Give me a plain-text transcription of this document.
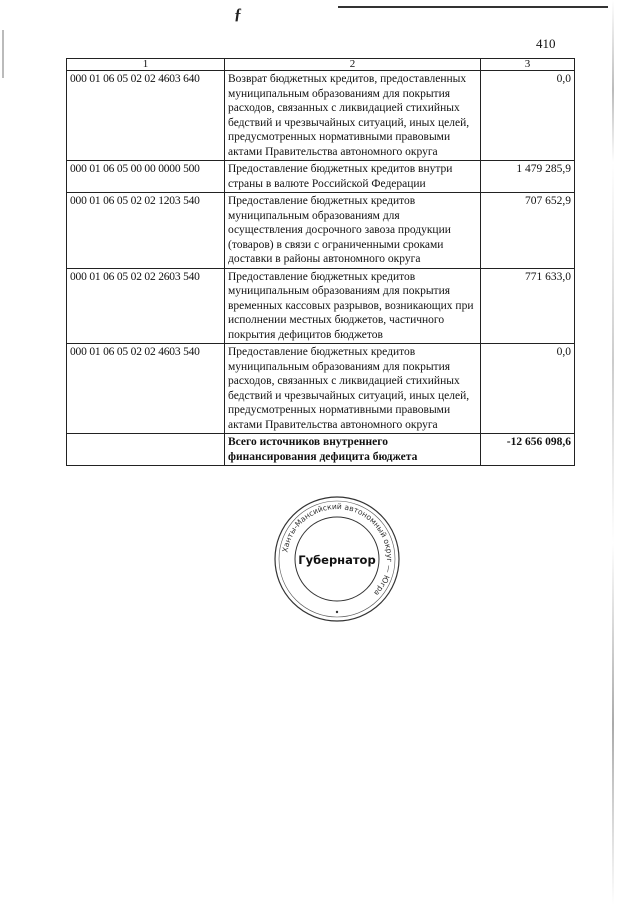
ƒ
410
1	2	3
000 01 06 05 02 02 4603 640	Возврат бюджетных кредитов, предоставленных муниципальным образованиям для покрытия расходов, связанных с ликвидацией стихийных бедствий и чрезвычайных ситуаций, иных целей, предусмотренных нормативными правовыми актами Правительства автономного округа	0,0
000 01 06 05 00 00 0000 500	Предоставление бюджетных кредитов внутри страны в валюте Российской Федерации	1 479 285,9
000 01 06 05 02 02 1203 540	Предоставление бюджетных кредитов муниципальным образованиям для осуществления досрочного завоза продукции (товаров) в связи с ограниченными сроками доставки в районы автономного округа	707 652,9
000 01 06 05 02 02 2603 540	Предоставление бюджетных кредитов муниципальным образованиям для покрытия временных кассовых разрывов, возникающих при исполнении местных бюджетов, частичного покрытия дефицитов бюджетов	771 633,0
000 01 06 05 02 02 4603 540	Предоставление бюджетных кредитов муниципальным образованиям для покрытия расходов, связанных с ликвидацией стихийных бедствий и чрезвычайных ситуаций, иных целей, предусмотренных нормативными правовыми актами Правительства автономного округа	0,0
	Всего источников внутреннего финансирования дефицита бюджета	-12 656 098,6
Ханты-Мансийский автономный округ — Югра
Губернатор
